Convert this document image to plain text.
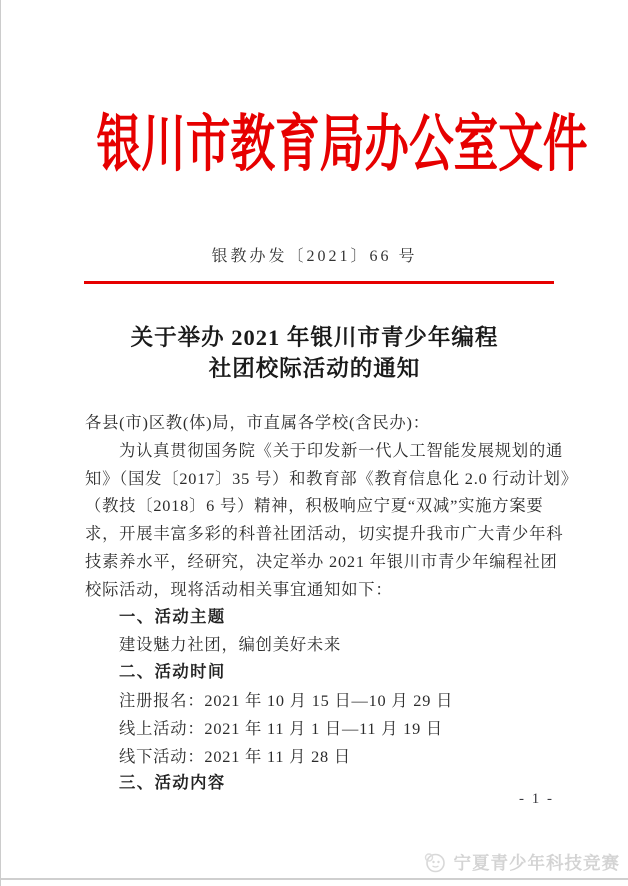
银川市教育局办公室文件
银教办发〔2021〕66 号
关于举办 2021 年银川市青少年编程
社团校际活动的通知
各县(市)区教(体)局，市直属各学校(含民办)：
为认真贯彻国务院《关于印发新一代人工智能发展规划的通
知》（国发〔2017〕35 号）和教育部《教育信息化 2.0 行动计划》
（教技〔2018〕6 号）精神，积极响应宁夏“双减”实施方案要
求，开展丰富多彩的科普社团活动，切实提升我市广大青少年科
技素养水平，经研究，决定举办 2021 年银川市青少年编程社团
校际活动，现将活动相关事宜通知如下：
一、活动主题
建设魅力社团，编创美好未来
二、活动时间
注册报名：2021 年 10 月 15 日—10 月 29 日
线上活动：2021 年 11 月 1 日—11 月 19 日
线下活动：2021 年 11 月 28 日
三、活动内容
- 1 -
宁夏青少年科技竞赛
